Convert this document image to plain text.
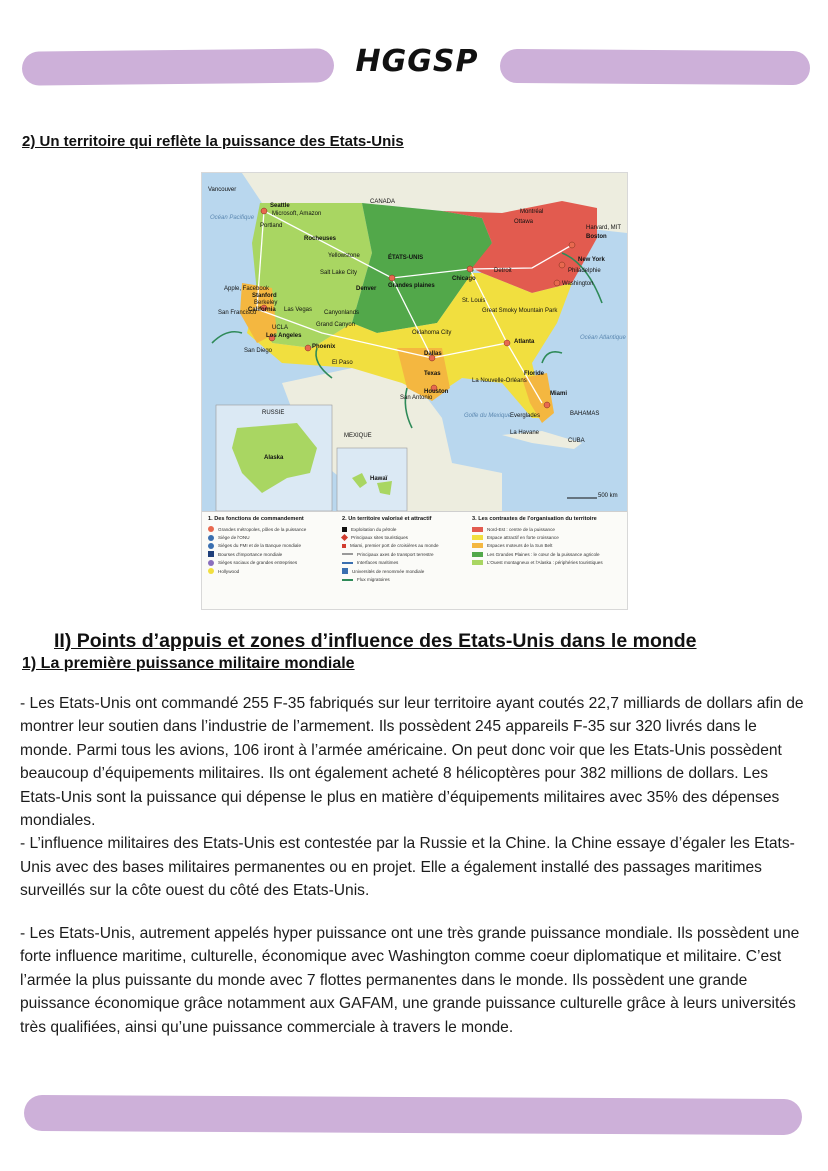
HGGSP
2) Un territoire qui reflète la puissance des Etats-Unis
Vancouver
CANADA
Seattle
Microsoft, Amazon
Portland
Montréal
Ottawa
Harvard, MIT
Boston
New York
Philadelphie
Washington
Rocheuses
Yellowstone	ÉTATS-UNIS
Salt Lake City
Denver Grandes plaines
Chicago
Detroit
St. Louis
Apple, Facebook
Stanford
Berkeley
California
San Francisco	Las Vegas Canyonlands
Grand Canyon
UCLA
Los Angeles
San Diego
Phoenix
El Paso
Oklahoma City
Dallas
Texas
San Antonio
Houston
La Nouvelle-Orléans
Atlanta
Great Smoky Mountain Park
Floride
Miami
Everglades	BAHAMAS
La Havane
CUBA
MEXIQUE
RUSSIE
Alaska
Hawaï
Océan Pacifique
Océan Atlantique
Golfe du Mexique
500 km
1. Des fonctions de commandement
Grandes métropoles, pôles de la puissance
Siège de l'ONU
Sièges du FMI et de la Banque mondiale
Bourses d'importance mondiale
Sièges sociaux de grandes entreprises
Hollywood
2. Un territoire valorisé et attractif
Exploitation du pétrole
Principaux sites touristiques
Miami, premier port de croisières au monde
Principaux axes de transport terrestre
Interfaces maritimes
Universités de renommée mondiale
Flux migratoires
3. Les contrastes de l'organisation du territoire
Nord-Est : centre de la puissance
Espace attractif en forte croissance
Espaces moteurs de la Sun Belt
Les Grandes Plaines : le cœur de la puissance agricole
L'Ouest montagneux et l'Alaska : périphéries touristiques
II) Points d’appuis et zones d’influence des Etats-Unis dans le monde
1) La première puissance militaire mondiale

- Les Etats-Unis ont commandé 255 F-35 fabriqués sur leur territoire ayant coutés 22,7 milliards de dollars afin de montrer leur soutien dans l’industrie de l’armement. Ils possèdent 245 appareils F-35 sur 320 livrés dans le monde. Parmi tous les avions, 106 iront à l’armée américaine. On peut donc voir que les Etats-Unis possèdent beaucoup d’équipements militaires. Ils ont également acheté 8 hélicoptères pour 382 millions de dollars. Les Etats-Unis sont la puissance qui dépense le plus en matière d’équipements militaires avec 35% des dépenses mondiales.

- L’influence militaires des Etats-Unis est contestée par la Russie et la Chine. la Chine essaye d’égaler les Etats-Unis avec des bases militaires permanentes ou en projet. Elle a également installé des passages maritimes surveillés sur la côte ouest du côté des Etats-Unis.

- Les Etats-Unis, autrement appelés hyper puissance ont une très grande puissance mondiale. Ils possèdent une forte influence maritime, culturelle, économique avec Washington comme coeur diplomatique et militaire. C’est l’armée la plus puissante du monde avec 7 flottes permanentes dans le monde. Ils possèdent une grande puissance économique grâce notamment aux GAFAM, une grande puissance culturelle grâce à leurs universités très qualifiées, ainsi qu’une puissance commerciale à travers le monde.
